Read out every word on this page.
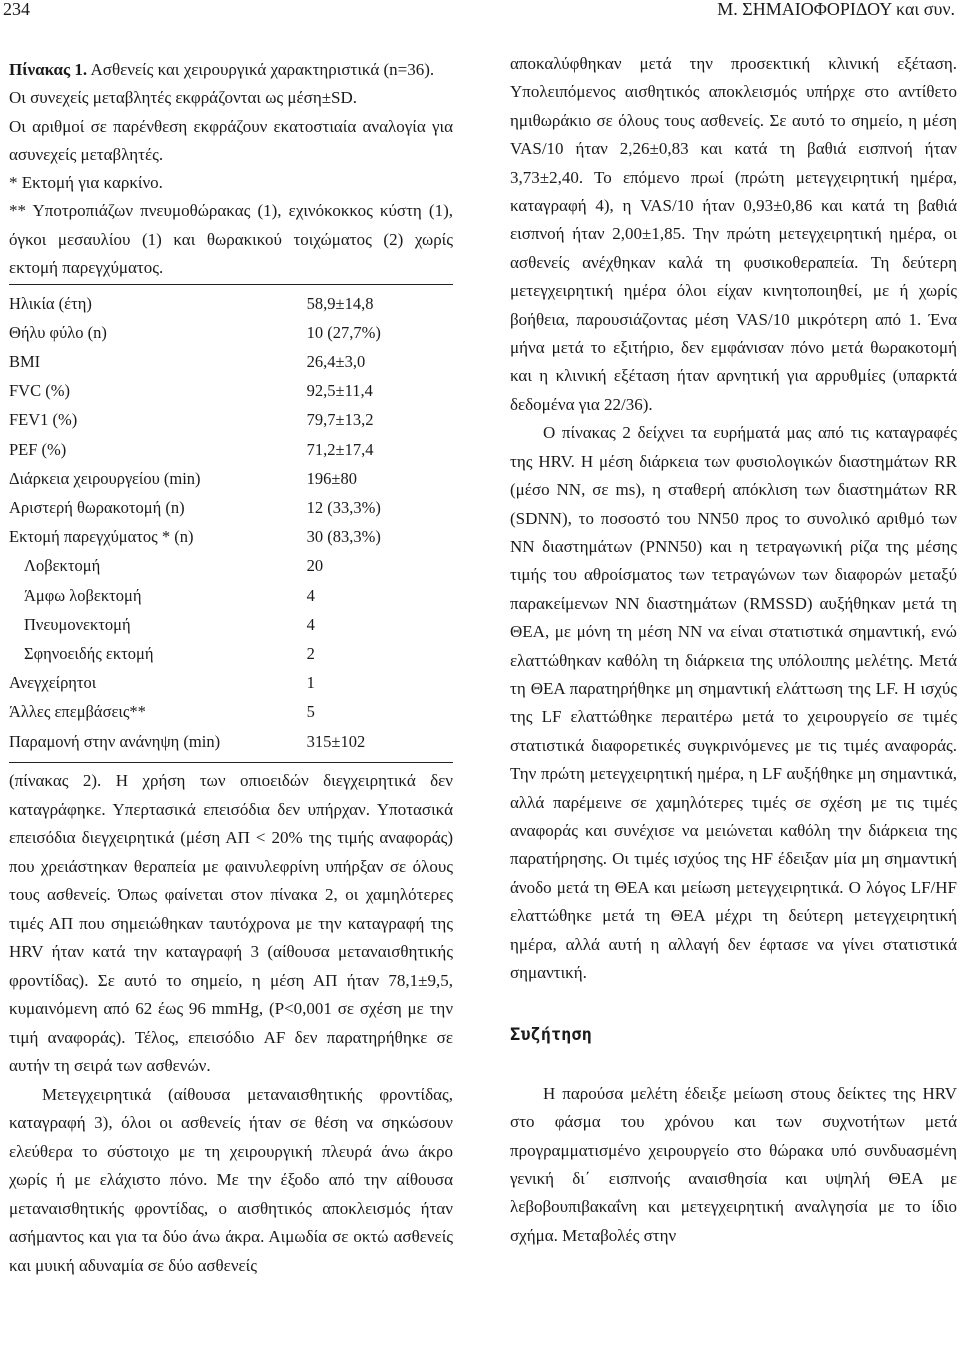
234	Μ. ΣΗΜΑΙΟΦΟΡΙΔΟΥ και συν.

Πίνακας 1. Ασθενείς και χειρουργικά χαρακτηριστικά (n=36).

Οι συνεχείς μεταβλητές εκφράζονται ως μέση±SD.

Οι αριθμοί σε παρένθεση εκφράζουν εκατοστιαία αναλογία για ασυνεχείς μεταβλητές.

* Εκτομή για καρκίνο.

** Υποτροπιάζων πνευμοθώρακας (1), εχινόκοκκος κύστη (1), όγκοι μεσαυλίου (1) και θωρακικού τοιχώματος (2) χωρίς εκτομή παρεγχύματος.

Ηλικία (έτη)	58,9±14,8
Θήλυ φύλο (n)	10 (27,7%)
BMI	26,4±3,0
FVC (%)	92,5±11,4
FEV1 (%)	79,7±13,2
PEF (%)	71,2±17,4
Διάρκεια χειρουργείου (min)	196±80
Αριστερή θωρακοτομή (n)	12 (33,3%)
Εκτομή παρεγχύματος * (n)	30 (83,3%)
Λοβεκτομή	20
Άμφω λοβεκτομή	4
Πνευμονεκτομή	4
Σφηνοειδής εκτομή	2
Ανεγχείρητοι	1
Άλλες επεμβάσεις**	5
Παραμονή στην ανάνηψη (min)	315±102

(πίνακας 2). Η χρήση των οπιοειδών διεγχειρητικά δεν καταγράφηκε. Υπερτασικά επεισόδια δεν υπήρχαν. Υποτασικά επεισόδια διεγχειρητικά (μέση ΑΠ < 20% της τιμής αναφοράς) που χρειάστηκαν θεραπεία με φαινυλεφρίνη υπήρξαν σε όλους τους ασθενείς. Όπως φαίνεται στον πίνακα 2, οι χαμηλότερες τιμές ΑΠ που σημειώθηκαν ταυτόχρονα με την καταγραφή της HRV ήταν κατά την καταγραφή 3 (αίθουσα μεταναισθητικής φροντίδας). Σε αυτό το σημείο, η μέση ΑΠ ήταν 78,1±9,5, κυμαινόμενη από 62 έως 96 mmHg, (P<0,001 σε σχέση με την τιμή αναφοράς). Τέλος, επεισόδιο AF δεν παρατηρήθηκε σε αυτήν τη σειρά των ασθενών.

Μετεγχειρητικά (αίθουσα μεταναισθητικής φροντίδας, καταγραφή 3), όλοι οι ασθενείς ήταν σε θέση να σηκώσουν ελεύθερα το σύστοιχο με τη χειρουργική πλευρά άνω άκρο χωρίς ή με ελάχιστο πόνο. Με την έξοδο από την αίθουσα μεταναισθητικής φροντίδας, ο αισθητικός αποκλεισμός ήταν ασήμαντος και για τα δύο άνω άκρα. Αιμωδία σε οκτώ ασθενείς και μυική αδυναμία σε δύο ασθενείς

αποκαλύφθηκαν μετά την προσεκτική κλινική εξέταση. Υπολειπόμενος αισθητικός αποκλεισμός υπήρχε στο αντίθετο ημιθωράκιο σε όλους τους ασθενείς. Σε αυτό το σημείο, η μέση VAS/10 ήταν 2,26±0,83 και κατά τη βαθιά εισπνοή ήταν 3,73±2,40. Το επόμενο πρωί (πρώτη μετεγχειρητική ημέρα, καταγραφή 4), η VAS/10 ήταν 0,93±0,86 και κατά τη βαθιά εισπνοή ήταν 2,00±1,85. Την πρώτη μετεγχειρητική ημέρα, οι ασθενείς ανέχθηκαν καλά τη φυσικοθεραπεία. Τη δεύτερη μετεγχειρητική ημέρα όλοι είχαν κινητοποιηθεί, με ή χωρίς βοήθεια, παρουσιάζοντας μέση VAS/10 μικρότερη από 1. Ένα μήνα μετά το εξιτήριο, δεν εμφάνισαν πόνο μετά θωρακοτομή και η κλινική εξέταση ήταν αρνητική για αρρυθμίες (υπαρκτά δεδομένα για 22/36).

Ο πίνακας 2 δείχνει τα ευρήματά μας από τις καταγραφές της HRV. Η μέση διάρκεια των φυσιολογικών διαστημάτων RR (μέσο NN, σε ms), η σταθερή απόκλιση των διαστημάτων RR (SDNN), το ποσοστό του NN50 προς το συνολικό αριθμό των NN διαστημάτων (PNN50) και η τετραγωνική ρίζα της μέσης τιμής του αθροίσματος των τετραγώνων των διαφορών μεταξύ παρακείμενων NN διαστημάτων (RMSSD) αυξήθηκαν μετά τη ΘΕΑ, με μόνη τη μέση NN να είναι στατιστικά σημαντική, ενώ ελαττώθηκαν καθόλη τη διάρκεια της υπόλοιπης μελέτης. Μετά τη ΘΕΑ παρατηρήθηκε μη σημαντική ελάττωση της LF. Η ισχύς της LF ελαττώθηκε περαιτέρω μετά το χειρουργείο σε τιμές στατιστικά διαφορετικές συγκρινόμενες με τις τιμές αναφοράς. Την πρώτη μετεγχειρητική ημέρα, η LF αυξήθηκε μη σημαντικά, αλλά παρέμεινε σε χαμηλότερες τιμές σε σχέση με τις τιμές αναφοράς και συνέχισε να μειώνεται καθόλη την διάρκεια της παρατήρησης. Οι τιμές ισχύος της HF έδειξαν μία μη σημαντική άνοδο μετά τη ΘΕΑ και μείωση μετεγχειρητικά. Ο λόγος LF/HF ελαττώθηκε μετά τη ΘΕΑ μέχρι τη δεύτερη μετεγχειρητική ημέρα, αλλά αυτή η αλλαγή δεν έφτασε να γίνει στατιστικά σημαντική.

Συζήτηση

Η παρούσα μελέτη έδειξε μείωση στους δείκτες της HRV στο φάσμα του χρόνου και των συχνοτήτων μετά προγραμματισμένο χειρουργείο στο θώρακα υπό συνδυασμένη γενική δι΄ εισπνοής αναισθησία και υψηλή ΘΕΑ με λεβοβουπιβακαΐνη και μετεγχειρητική αναλγησία με το ίδιο σχήμα. Μεταβολές στην
